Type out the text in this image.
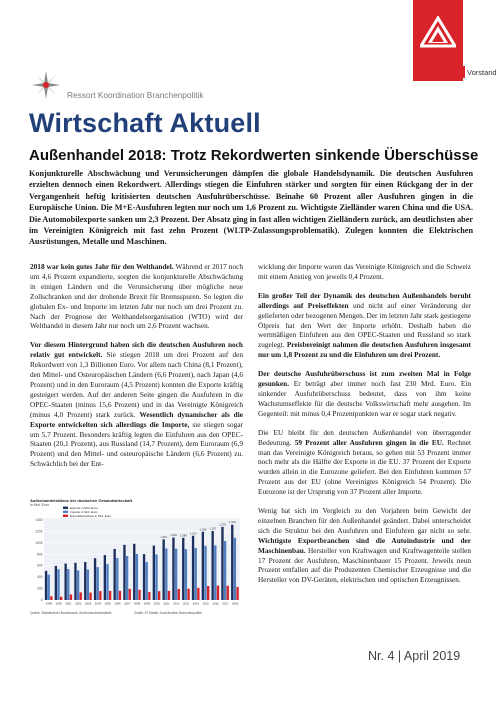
Vorstand
Ressort Koordination Branchenpolitik
Wirtschaft Aktuell
Außenhandel 2018: Trotz Rekordwerten sinkende Überschüsse

Konjunkturelle Abschwächung und Verunsicherungen dämpfen die globale Handelsdynamik. Die deutschen Ausfuhren erzielten dennoch einen Rekordwert. Allerdings stiegen die Einfuhren stärker und sorgten für einen Rückgang der in der Vergangenheit heftig kritisierten deutschen Ausfuhrüberschüsse. Beinahe 60 Prozent aller Ausfuhren gingen in die Europäische Union. Die M+E-Ausfuhren legten nur noch um 1,6 Prozent zu. Wichtigste Zielländer waren China und die USA. Die Automobilexporte sanken um 2,3 Prozent. Der Absatz ging in fast allen wichtigen Zielländern zurück, am deutlichsten aber im Vereinigten Königreich mit fast zehn Prozent (WLTP-Zulassungsproblematik). Zulegen konnten die Elektrischen Ausrüstungen, Metalle und Maschinen.

2018 war kein gutes Jahr für den Welthandel. Während er 2017 noch um 4,6 Prozent expandierte, sorgten die konjunkturelle Abschwächung in einigen Ländern und die Verunsicherung über mögliche neue Zollschranken und der drohende Brexit für Bremsspuren. So legten die globalen Ex- und Importe im letzten Jahr nur noch um drei Prozent zu. Nach der Prognose der Welthandelsorganisation (WTO) wird der Welthandel in diesem Jahr nur noch um 2,6 Prozent wachsen.

Vor diesem Hintergrund haben sich die deutschen Ausfuhren noch relativ gut entwickelt. Sie stiegen 2018 um drei Prozent auf den Rekordwert von 1,3 Billionen Euro. Vor allem nach China (8,1 Prozent), den Mittel- und Osteuropäischen Ländern (6,6 Prozent), nach Japan (4,6 Prozent) und in den Euroraum (4,5 Prozent) konnten die Exporte kräftig gesteigert werden. Auf der anderen Seite gingen die Ausfuhren in die OPEC-Staaten (minus 15,6 Prozent) und in das Vereinigte Königreich (minus 4,0 Prozent) stark zurück. Wesentlich dynamischer als die Exporte entwickelten sich allerdings die Importe, sie stiegen sogar um 5,7 Prozent. Besonders kräftig legten die Einfuhren aus den OPEC-Staaten (20,1 Prozent), aus Russland (14,7 Prozent), dem Euroraum (6,9 Prozent) und den Mittel- und osteuropäische Ländern (6,6 Prozent) zu. Schwächlich bei der Ent-

0
200
400
600
800
1000
1200
1400
Exporte in Mrd. Euro
Importe in Mrd. Euro
Exportüberschuss in Mrd. Euro
1999 2000 2001 2002 2003 2004 2005 2006 2007 2008 2009 2010 2011 2012 2013 2014 2015 2016 2017 2018
1.061
1.093 1.088
1.124
1.194 1.207
1.279
1.318
Außenhandelsbilanz der deutschen Gesamtwirtschaft
in Mrd. Euro
Quelle: Statistisches Bundesamt, Außenhandelsstatistik	Grafik: IG Metall, Koordination Branchenpolitik

wicklung der Importe waren das Vereinigte Königreich und die Schweiz mit einem Anstieg von jeweils 0,4 Prozent.

Ein großer Teil der Dynamik des deutschen Außenhandels beruht allerdings auf Preiseffekten und nicht auf einer Veränderung der gelieferten oder bezogenen Mengen. Der im letzten Jahr stark gestiegene Ölpreis hat den Wert der Importe erhöht. Deshalb haben die wertmäßigen Einfuhren aus den OPEC-Staaten und Russland so stark zugelegt. Preisbereinigt nahmen die deutschen Ausfuhren insgesamt nur um 1,8 Prozent zu und die Einfuhren um drei Prozent.

Der deutsche Ausfuhrüberschuss ist zum zweiten Mal in Folge gesunken. Er beträgt aber immer noch fast 230 Mrd. Euro. Ein sinkender Ausfuhrüberschuss bedeutet, dass von ihm keine Wachstumseffekte für die deutsche Volkswirtschaft mehr ausgehen. Im Gegenteil: mit minus 0,4 Prozentpunkten war er sogar stark negativ.

Die EU bleibt für den deutschen Außenhandel von überragender Bedeutung. 59 Prozent aller Ausfuhren gingen in die EU. Rechnet man das Vereinigte Königreich heraus, so gehen mit 53 Prozent immer noch mehr als die Hälfte der Exporte in die EU. 37 Prozent der Exporte wurden allein in die Eurozone geliefert. Bei den Einfuhren kommen 57 Prozent aus der EU (ohne Vereinigtes Königreich 54 Prozent). Die Eurozone ist der Ursprung von 37 Prozent aller Importe.

Wenig hat sich im Vergleich zu den Vorjahren beim Gewicht der einzelnen Branchen für den Außenhandel geändert. Dabei unterscheidet sich die Struktur bei den Ausfuhren und Einfuhren gar nicht so sehr. Wichtigste Exportbranchen sind die Autoindustrie und der Maschinenbau. Hersteller von Kraftwagen und Kraftwagenteile stellen 17 Prozent der Ausfuhren, Maschinenbauer 15 Prozent. Jeweils neun Prozent entfallen auf die Produzenten Chemischer Erzeugnisse und die Hersteller von DV-Geräten, elektrischen und optischen Erzeugnissen.

Nr. 4 | April 2019
